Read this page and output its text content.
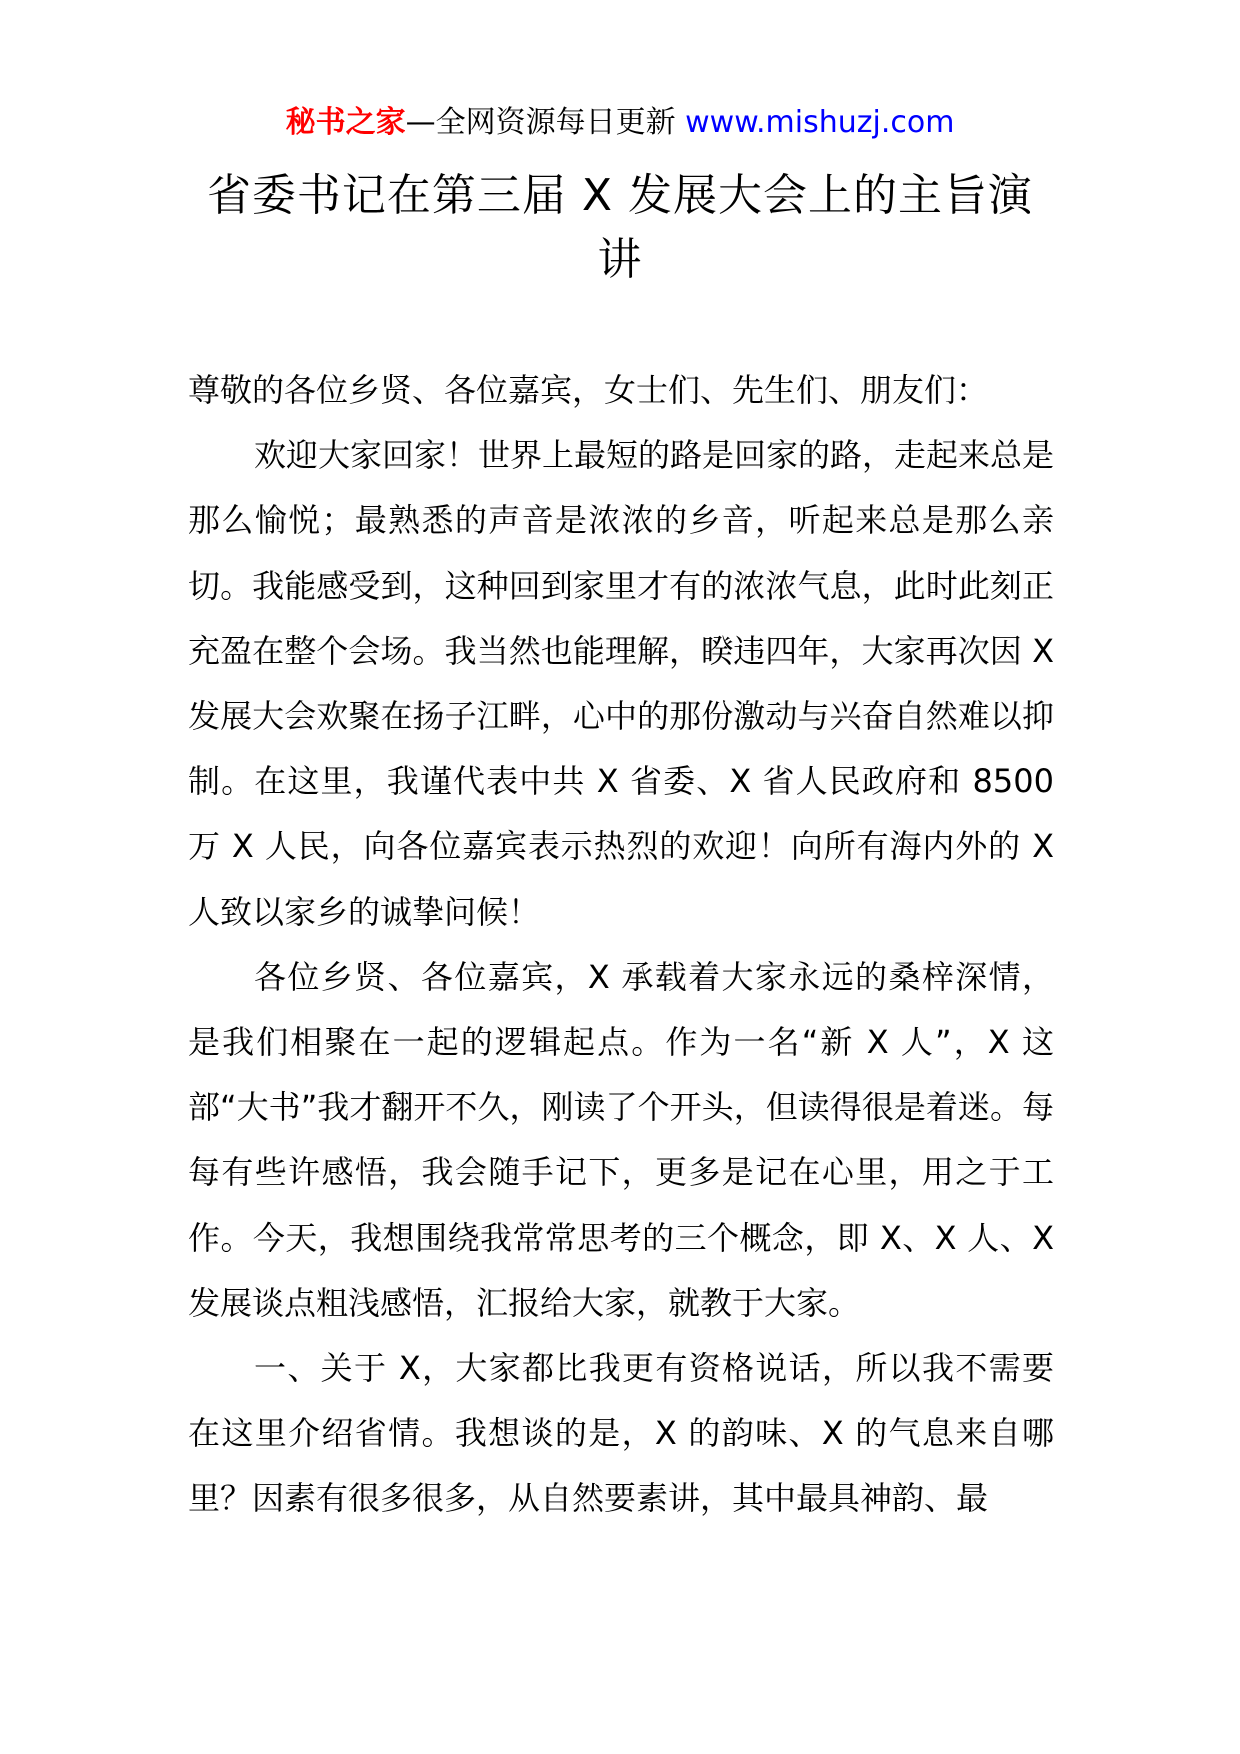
秘书之家—全网资源每日更新 www.mishuzj.com
省委书记在第三届 X 发展大会上的主旨演讲

尊敬的各位乡贤、各位嘉宾，女士们、先生们、朋友们：

欢迎大家回家！世界上最短的路是回家的路，走起来总是那么愉悦；最熟悉的声音是浓浓的乡音，听起来总是那么亲切。我能感受到，这种回到家里才有的浓浓气息，此时此刻正充盈在整个会场。我当然也能理解，睽违四年，大家再次因 X 发展大会欢聚在扬子江畔，心中的那份激动与兴奋自然难以抑制。在这里，我谨代表中共 X 省委、X 省人民政府和 8500 万 X 人民，向各位嘉宾表示热烈的欢迎！向所有海内外的 X 人致以家乡的诚挚问候！

各位乡贤、各位嘉宾，X 承载着大家永远的桑梓深情，是我们相聚在一起的逻辑起点。作为一名“新 X 人”，X 这部“大书”我才翻开不久，刚读了个开头，但读得很是着迷。每每有些许感悟，我会随手记下，更多是记在心里，用之于工作。今天，我想围绕我常常思考的三个概念，即 X、X 人、X 发展谈点粗浅感悟，汇报给大家，就教于大家。

一、关于 X，大家都比我更有资格说话，所以我不需要在这里介绍省情。我想谈的是，X 的韵味、X 的气息来自哪里？因素有很多很多，从自然要素讲，其中最具神韵、最
